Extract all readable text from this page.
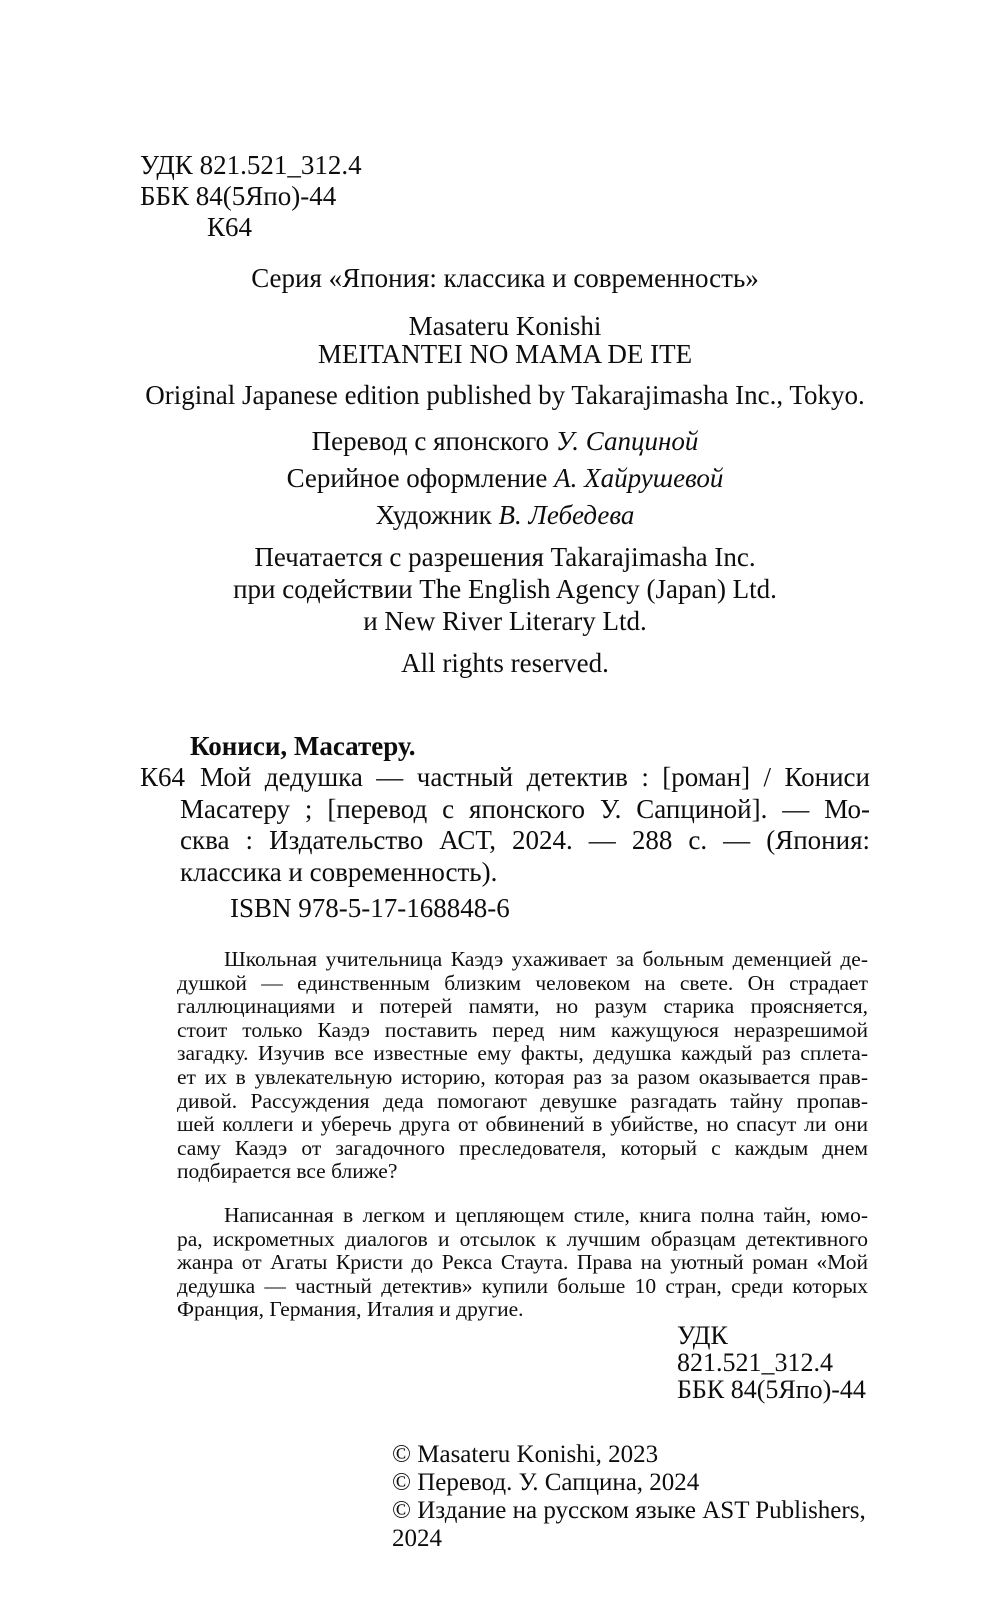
УДК 821.521_312.4
ББК 84(5Япо)-44
К64
Серия «Япония: классика и современность»
Masateru Konishi
MEITANTEI NO MAMA DE ITE
Original Japanese edition published by Takarajimasha Inc., Tokyo.
Перевод с японского У. Сапциной
Серийное оформление А. Хайрушевой
Художник В. Лебедева
Печатается с разрешения Takarajimasha Inc.
при содействии The English Agency (Japan) Ltd.
и New River Literary Ltd.
All rights reserved.
Кониси, Масатеру.
К64 Мой дедушка — частный детектив : [роман] / Кониси
Масатеру ; [перевод с японского У. Сапциной]. — Мо-
сква : Издательство АСТ, 2024. — 288 с. — (Япония:
классика и современность).
ISBN 978-5-17-168848-6
Школьная учительница Каэдэ ухаживает за больным деменцией де-
душкой — единственным близким человеком на свете. Он страдает
галлюцинациями и потерей памяти, но разум старика проясняется,
стоит только Каэдэ поставить перед ним кажущуюся неразрешимой
загадку. Изучив все известные ему факты, дедушка каждый раз сплета-
ет их в увлекательную историю, которая раз за разом оказывается прав-
дивой. Рассуждения деда помогают девушке разгадать тайну пропав-
шей коллеги и уберечь друга от обвинений в убийстве, но спасут ли они
саму Каэдэ от загадочного преследователя, который с каждым днем
подбирается все ближе?
Написанная в легком и цепляющем стиле, книга полна тайн, юмо-
ра, искрометных диалогов и отсылок к лучшим образцам детективного
жанра от Агаты Кристи до Рекса Стаута. Права на уютный роман «Мой
дедушка — частный детектив» купили больше 10 стран, среди которых
Франция, Германия, Италия и другие.
УДК 821.521_312.4
ББК 84(5Япо)-44
© Masateru Konishi, 2023
© Перевод. У. Сапцина, 2024
© Издание на русском языке AST Publishers, 2024
